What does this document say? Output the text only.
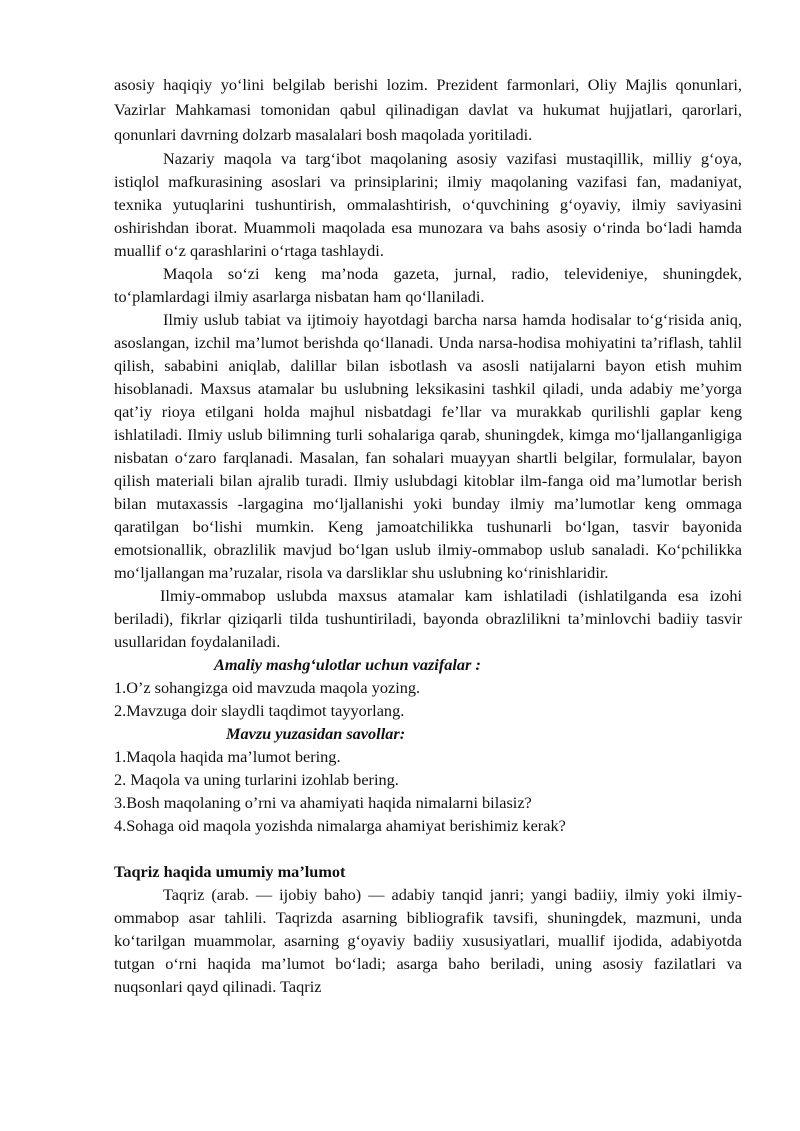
asosiy haqiqiy yo‘lini belgilab berishi lozim. Prezident farmonlari, Oliy Majlis qonunlari, Vazirlar Mahkamasi tomonidan qabul qilinadigan davlat va hukumat hujjatlari, qarorlari, qonunlari davrning dolzarb masalalari bosh maqolada yoritiladi.

Nazariy maqola va targ‘ibot maqolaning asosiy vazifasi mustaqillik, milliy g‘oya, istiqlol mafkurasining asoslari va prinsiplarini; ilmiy maqolaning vazifasi fan, madaniyat, texnika yutuqlarini tushuntirish, ommalashtirish, o‘quvchining g‘oyaviy, ilmiy saviyasini oshirishdan iborat. Muammoli maqolada esa munozara va bahs asosiy o‘rinda bo‘ladi hamda muallif o‘z qarashlarini o‘rtaga tashlaydi.

Maqola so‘zi keng ma’noda gazeta, jurnal, radio, televideniye, shuningdek, to‘plamlardagi ilmiy asarlarga nisbatan ham qo‘llaniladi.

Ilmiy uslub tabiat va ijtimoiy hayotdagi barcha narsa hamda hodisalar to‘g‘risida aniq, asoslangan, izchil ma’lumot berishda qo‘llanadi. Unda narsa-hodisa mohiyatini ta’riflash, tahlil qilish, sababini aniqlab, dalillar bilan isbotlash va asosli natijalarni bayon etish muhim hisoblanadi. Maxsus atamalar bu uslubning leksikasini tashkil qiladi, unda adabiy me’yorga qat’iy rioya etilgani holda majhul nisbatdagi fe’llar va murakkab qurilishli gaplar keng ishlatiladi. Ilmiy uslub bilimning turli sohalariga qarab, shuningdek, kimga mo‘ljallanganligiga nisbatan o‘zaro farqlanadi. Masalan, fan sohalari muayyan shartli belgilar, formulalar, bayon qilish materiali bilan ajralib turadi. Ilmiy uslubdagi kitoblar ilm-fanga oid ma’lumotlar berish bilan mutaxassis -largagina mo‘ljallanishi yoki bunday ilmiy ma’lumotlar keng ommaga qaratilgan bo‘lishi mumkin. Keng jamoatchilikka tushunarli bo‘lgan, tasvir bayonida emotsionallik, obrazlilik mavjud bo‘lgan uslub ilmiy-ommabop uslub sanaladi. Ko‘pchilikka mo‘ljallangan ma’ruzalar, risola va darsliklar shu uslubning ko‘rinishlaridir.

Ilmiy-ommabop uslubda maxsus atamalar kam ishlatiladi (ishlatilganda esa izohi beriladi), fikrlar qiziqarli tilda tushuntiriladi, bayonda obrazlilikni ta’minlovchi badiiy tasvir usullaridan foydalaniladi.

Amaliy mashg‘ulotlar uchun vazifalar :

1.O’z sohangizga oid mavzuda maqola yozing.

2.Mavzuga doir slaydli taqdimot tayyorlang.

Mavzu yuzasidan savollar:

1.Maqola haqida ma’lumot bering.

2. Maqola va uning turlarini izohlab bering.

3.Bosh maqolaning o’rni va ahamiyati haqida nimalarni bilasiz?

4.Sohaga oid maqola yozishda nimalarga ahamiyat berishimiz kerak?

Taqriz haqida umumiy ma’lumot

Taqriz (arab. — ijobiy baho) — adabiy tanqid janri; yangi badiiy, ilmiy yoki ilmiy-ommabop asar tahlili. Taqrizda asarning bibliografik tavsifi, shuningdek, mazmuni, unda ko‘tarilgan muammolar, asarning g‘oyaviy badiiy xususiyatlari, muallif ijodida, adabiyotda tutgan o‘rni haqida ma’lumot bo‘ladi; asarga baho beriladi, uning asosiy fazilatlari va nuqsonlari qayd qilinadi. Taqriz
